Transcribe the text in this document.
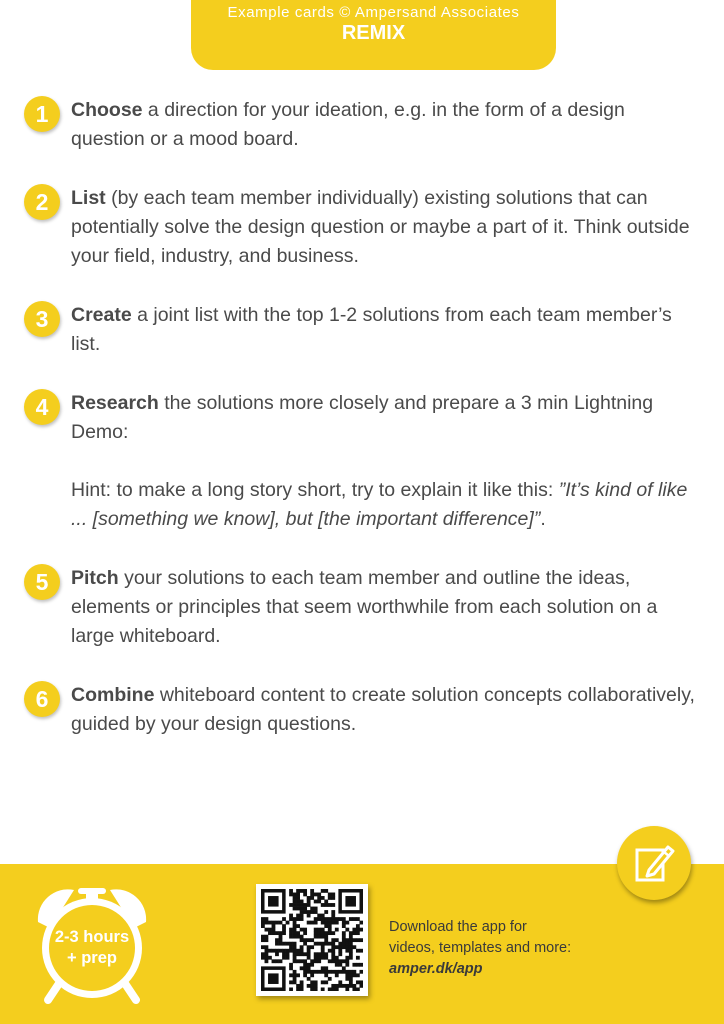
Example cards © Ampersand Associates
REMIX
1	Choose a direction for your ideation, e.g. in the form of a design question or a mood board.
2	List (by each team member individually) existing solutions that can potentially solve the design question or maybe a part of it. Think outside your field, industry, and business.
3	Create a joint list with the top 1-2 solutions from each team member’s list.
4	Research the solutions more closely and prepare a 3 min Lightning Demo:
Hint: to make a long story short, try to explain it like this: ”It’s kind of like ... [something we know], but [the important difference]”.
5	Pitch your solutions to each team member and outline the ideas, elements or principles that seem worthwhile from each solution on a large whiteboard.
6	Combine whiteboard content to create solution concepts collaboratively, guided by your design questions.
2-3 hours
+ prep
Download the app for
videos, templates and more:
amper.dk/app
